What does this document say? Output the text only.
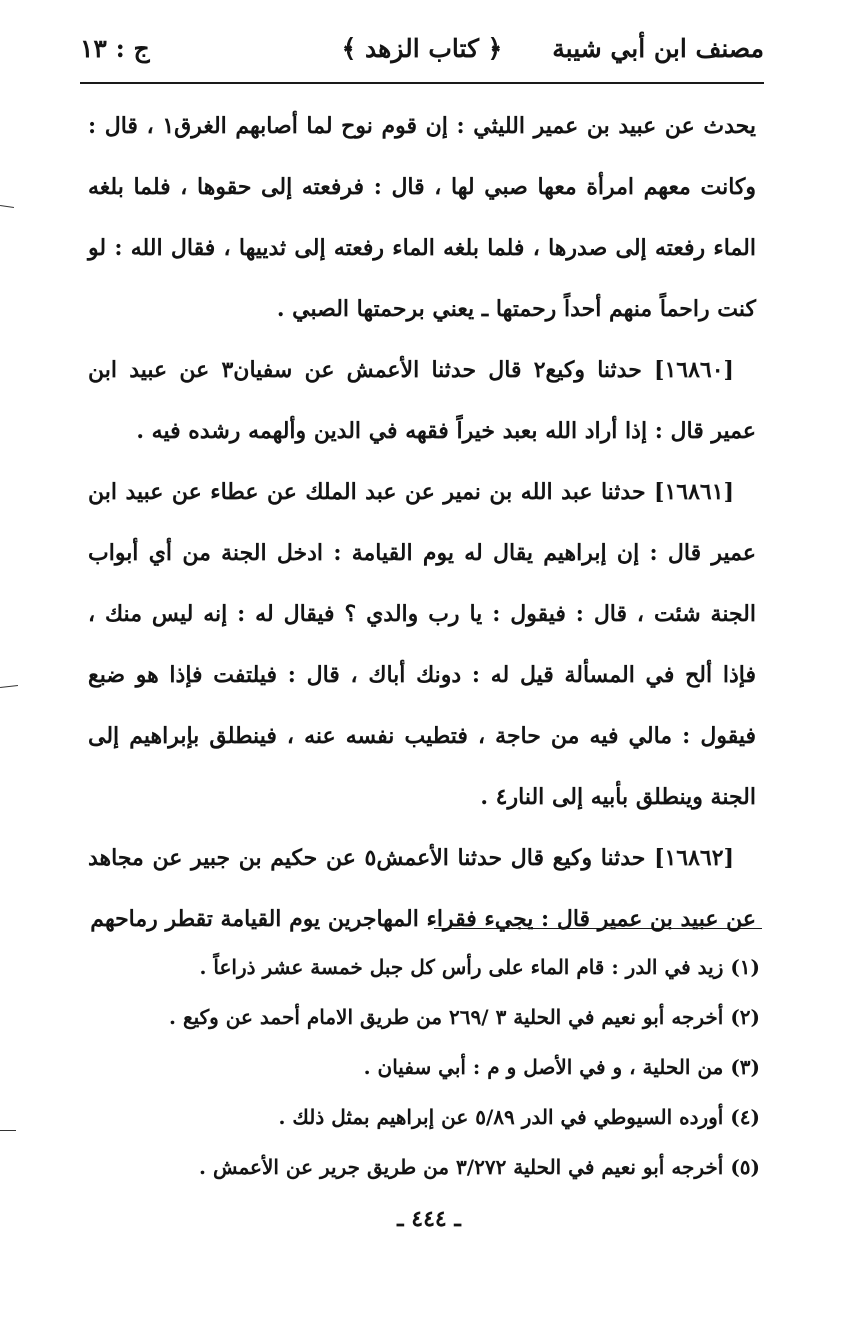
مصنف ابن أبي شيبة
﴿ كتاب الزهد ﴾
ج : ١٣

يحدث عن عبيد بن عمير الليثي : إن قوم نوح لما أصابهم الغرق١ ، قال : وكانت معهم امرأة معها صبي لها ، قال : فرفعته إلى حقوها ، فلما بلغه الماء رفعته إلى صدرها ، فلما بلغه الماء رفعته إلى ثدييها ، فقال الله : لو كنت راحماً منهم أحداً رحمتها ـ يعني برحمتها الصبي .

[١٦٨٦٠] حدثنا وكيع٢ قال حدثنا الأعمش عن سفيان٣ عن عبيد ابن عمير قال : إذا أراد الله بعبد خيراً فقهه في الدين وألهمه رشده فيه .

[١٦٨٦١] حدثنا عبد الله بن نمير عن عبد الملك عن عطاء عن عبيد ابن عمير قال : إن إبراهيم يقال له يوم القيامة : ادخل الجنة من أي أبواب الجنة شئت ، قال : فيقول : يا رب والدي ؟ فيقال له : إنه ليس منك ، فإذا ألح في المسألة قيل له : دونك أباك ، قال : فيلتفت فإذا هو ضبع فيقول : مالي فيه من حاجة ، فتطيب نفسه عنه ، فينطلق بإبراهيم إلى الجنة وينطلق بأبيه إلى النار٤ .

[١٦٨٦٢] حدثنا وكيع قال حدثنا الأعمش٥ عن حكيم بن جبير عن مجاهد عن عبيد بن عمير قال : يجيء فقراء المهاجرين يوم القيامة تقطر رماحهم

(١) زيد في الدر : قام الماء على رأس كل جبل خمسة عشر ذراعاً .
(٢) أخرجه أبو نعيم في الحلية ٣ /٢٦٩ من طريق الامام أحمد عن وكيع .
(٣) من الحلية ، و في الأصل و م : أبي سفيان .
(٤) أورده السيوطي في الدر ٥/٨٩ عن إبراهيم بمثل ذلك .
(٥) أخرجه أبو نعيم في الحلية ٣/٢٧٢ من طريق جرير عن الأعمش .
ـ ٤٤٤ ـ
